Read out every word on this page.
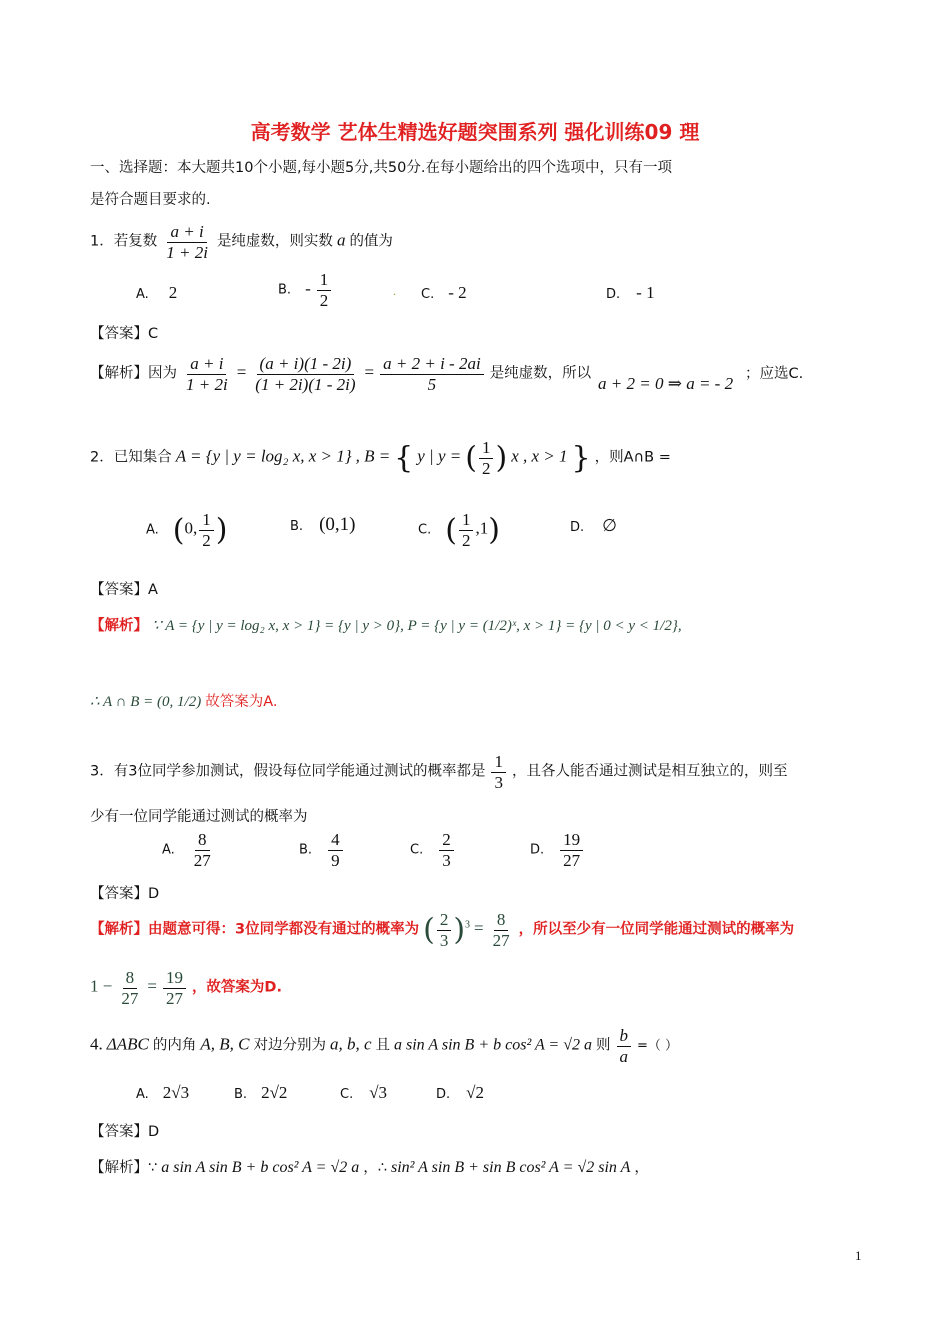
高考数学 艺体生精选好题突围系列 强化训练09 理
一、选择题：本大题共10个小题,每小题5分,共50分.在每小题给出的四个选项中，只有一项
是符合题目要求的.
1．若复数 $\frac{a + i}{1 + 2i}$ 是纯虚数，则实数 a 的值为
A. 2	B. - $\frac{1}{2}$	. C. - 2	D. - 1
【答案】C
【解析】因为 $\frac{a + i}{1 + 2i} = \frac{(a + i)(1 - 2i)}{(1 + 2i)(1 - 2i)} = \frac{a + 2 + i - 2ai}{5}$ 是纯虚数，所以
a + 2 = 0 ⇒ a = - 2 ；应选C.
2．已知集合 A = {y | y = log₂ x, x > 1} , B = { y | y = ( $\frac{1}{2}$ ) x , x > 1 } ，则A∩B =
A. (0, $\frac{1}{2}$ )	B. (0,1)	C. ( $\frac{1}{2} ,1$)	D. ∅
【答案】A
【解析】 ∵ A = {y | y = log₂ x, x > 1} = {y | y > 0}, P = {y | y = (1/2)ˣ, x > 1} = {y | 0 < y < 1/2},
∴ A ∩ B = (0, 1/2) 故答案为A.
3．有3位同学参加测试，假设每位同学能通过测试的概率都是 $\frac{1}{3}$ ，且各人能否通过测试是相互独立的，则至
少有一位同学能通过测试的概率为
A. $\frac{8}{27}$	B. $\frac{4}{9}$	C. $\frac{2}{3}$	D. $\frac{19}{27}$
【答案】D
【解析】由题意可得：3位同学都没有通过的概率为 ( $\frac{2}{3} )^3 = \frac{8}{27}$ ，所以至少有一位同学能通过测试的概率为
$1 - \frac{8}{27} = \frac{19}{27}$ ，故答案为D.
4. ΔABC 的内角 A, B, C 对边分别为 a, b, c 且 a sin A sin B + b cos² A = √2 a 则 $\frac{b}{a}$ =（ ）
A. 2√3	B. 2√2	C. √3	D. √2
【答案】D
【解析】∵ a sin A sin B + b cos² A = √2 a ，∴ sin² A sin B + sin B cos² A = √2 sin A ，
1
